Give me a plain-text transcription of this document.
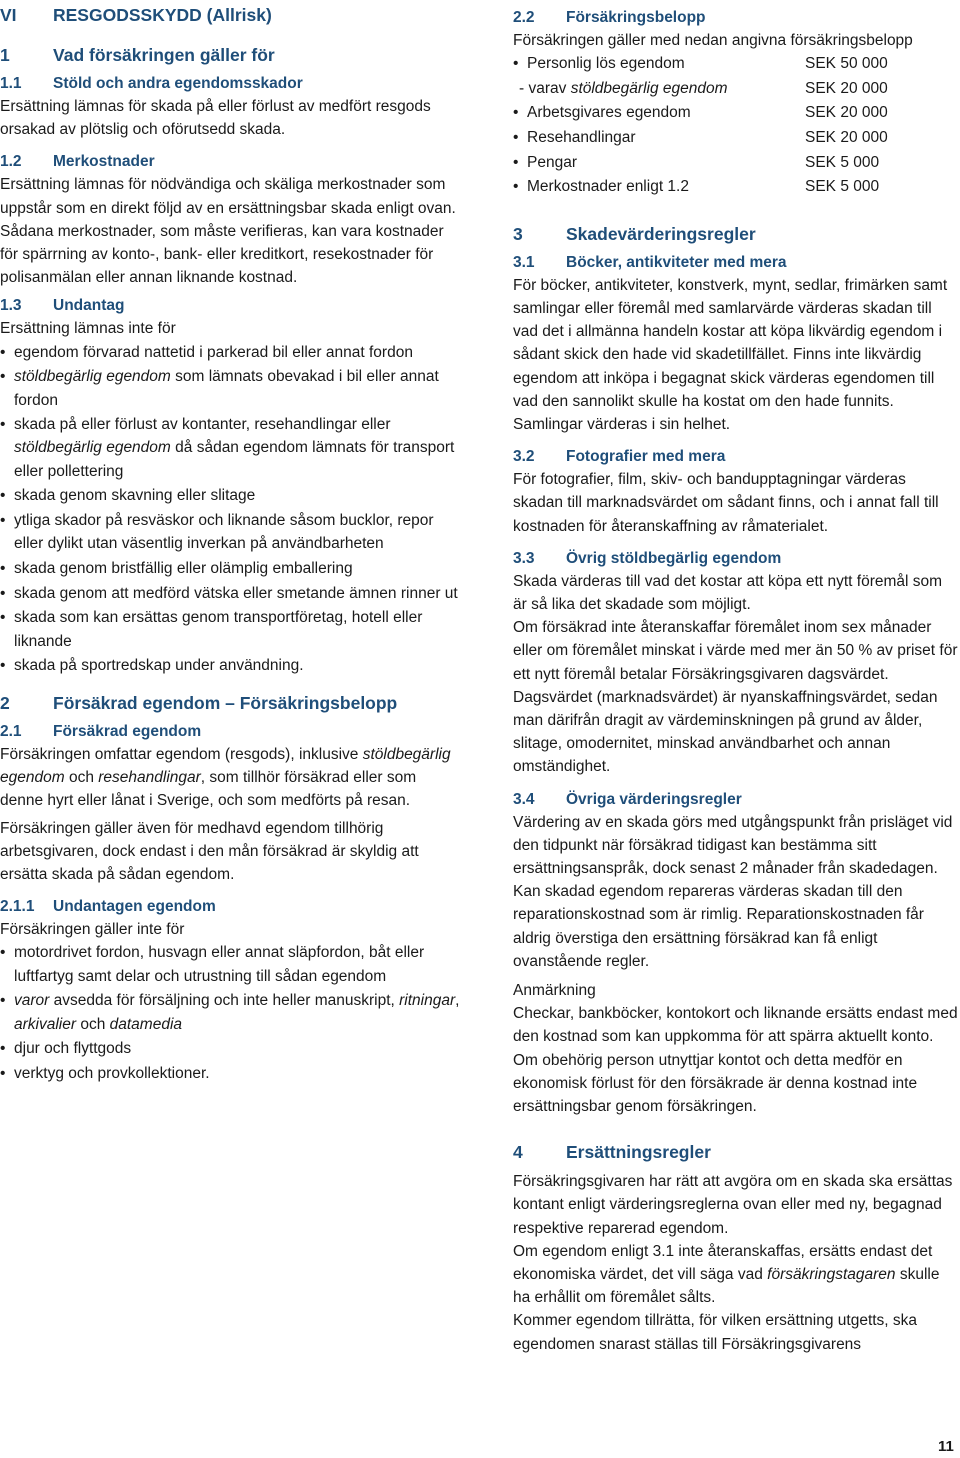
VI	RESGODSSKYDD (Allrisk)
1	Vad försäkringen gäller för
1.1	Stöld och andra egendomsskador

Ersättning lämnas för skada på eller förlust av medfört resgods orsakad av plötslig och oförutsedd skada.

1.2	Merkostnader

Ersättning lämnas för nödvändiga och skäliga merkostnader som uppstår som en direkt följd av en ersättningsbar skada enligt ovan. Sådana merkostnader, som måste verifieras, kan vara kostnader för spärrning av konto-, bank- eller kreditkort, resekostnader för polisanmälan eller annan liknande kostnad.

1.3	Undantag

Ersättning lämnas inte för

• egendom förvarad nattetid i parkerad bil eller annat fordon
• stöldbegärlig egendom som lämnats obevakad i bil eller annat fordon
• skada på eller förlust av kontanter, resehandlingar eller stöldbegärlig egendom då sådan egendom lämnats för transport eller pollettering
• skada genom skavning eller slitage
• ytliga skador på resväskor och liknande såsom bucklor, repor eller dylikt utan väsentlig inverkan på användbarheten
• skada genom bristfällig eller olämplig emballering
• skada genom att medförd vätska eller smetande ämnen rinner ut
• skada som kan ersättas genom transportföretag, hotell eller liknande
• skada på sportredskap under användning.
2	Försäkrad egendom – Försäkringsbelopp
2.1	Försäkrad egendom

Försäkringen omfattar egendom (resgods), inklusive stöldbegärlig egendom och resehandlingar, som tillhör försäkrad eller som denne hyrt eller lånat i Sverige, och som medförts på resan.

Försäkringen gäller även för medhavd egendom tillhörig arbetsgivaren, dock endast i den mån försäkrad är skyldig att ersätta skada på sådan egendom.

2.1.1	Undantagen egendom

Försäkringen gäller inte för

• motordrivet fordon, husvagn eller annat släpfordon, båt eller luftfartyg samt delar och utrustning till sådan egendom
• varor avsedda för försäljning och inte heller manuskript, ritningar, arkivalier och datamedia
• djur och flyttgods
• verktyg och provkollektioner.
2.2	Försäkringsbelopp

Försäkringen gäller med nedan angivna försäkringsbelopp

• Personlig lös egendom	SEK 50 000
- varav stöldbegärlig egendom	SEK 20 000
• Arbetsgivares egendom	SEK 20 000
• Resehandlingar	SEK 20 000
• Pengar	SEK 5 000
• Merkostnader enligt 1.2	SEK 5 000
3	Skadevärderingsregler
3.1	Böcker, antikviteter med mera

För böcker, antikviteter, konstverk, mynt, sedlar, frimärken samt samlingar eller föremål med samlarvärde värderas skadan till vad det i allmänna handeln kostar att köpa likvärdig egendom i sådant skick den hade vid skadetillfället. Finns inte likvärdig egendom att inköpa i begagnat skick värderas egendomen till vad den sannolikt skulle ha kostat om den hade funnits. Samlingar värderas i sin helhet.

3.2	Fotografier med mera

För fotografier, film, skiv- och bandupptagningar värderas skadan till marknadsvärdet om sådant finns, och i annat fall till kostnaden för återanskaffning av råmaterialet.

3.3	Övrig stöldbegärlig egendom

Skada värderas till vad det kostar att köpa ett nytt föremål som är så lika det skadade som möjligt.

Om försäkrad inte återanskaffar föremålet inom sex månader eller om föremålet minskat i värde med mer än 50 % av priset för ett nytt föremål betalar Försäkringsgivaren dagsvärdet. Dagsvärdet (marknadsvärdet) är nyanskaffningsvärdet, sedan man därifrån dragit av värdeminskningen på grund av ålder, slitage, omodernitet, minskad användbarhet och annan omständighet.

3.4	Övriga värderingsregler

Värdering av en skada görs med utgångspunkt från prisläget vid den tidpunkt när försäkrad tidigast kan bestämma sitt ersättningsanspråk, dock senast 2 månader från skadedagen.

Kan skadad egendom repareras värderas skadan till den reparationskostnad som är rimlig. Reparationskostnaden får aldrig överstiga den ersättning försäkrad kan få enligt ovanstående regler.

Anmärkning

Checkar, bankböcker, kontokort och liknande ersätts endast med den kostnad som kan uppkomma för att spärra aktuellt konto. Om obehörig person utnyttjar kontot och detta medför en ekonomisk förlust för den försäkrade är denna kostnad inte ersättningsbar genom försäkringen.

4	Ersättningsregler

Försäkringsgivaren har rätt att avgöra om en skada ska ersättas kontant enligt värderingsreglerna ovan eller med ny, begagnad respektive reparerad egendom.

Om egendom enligt 3.1 inte återanskaffas, ersätts endast det ekonomiska värdet, det vill säga vad försäkringstagaren skulle ha erhållit om föremålet sålts.

Kommer egendom tillrätta, för vilken ersättning utgetts, ska egendomen snarast ställas till Försäkringsgivarens

11
